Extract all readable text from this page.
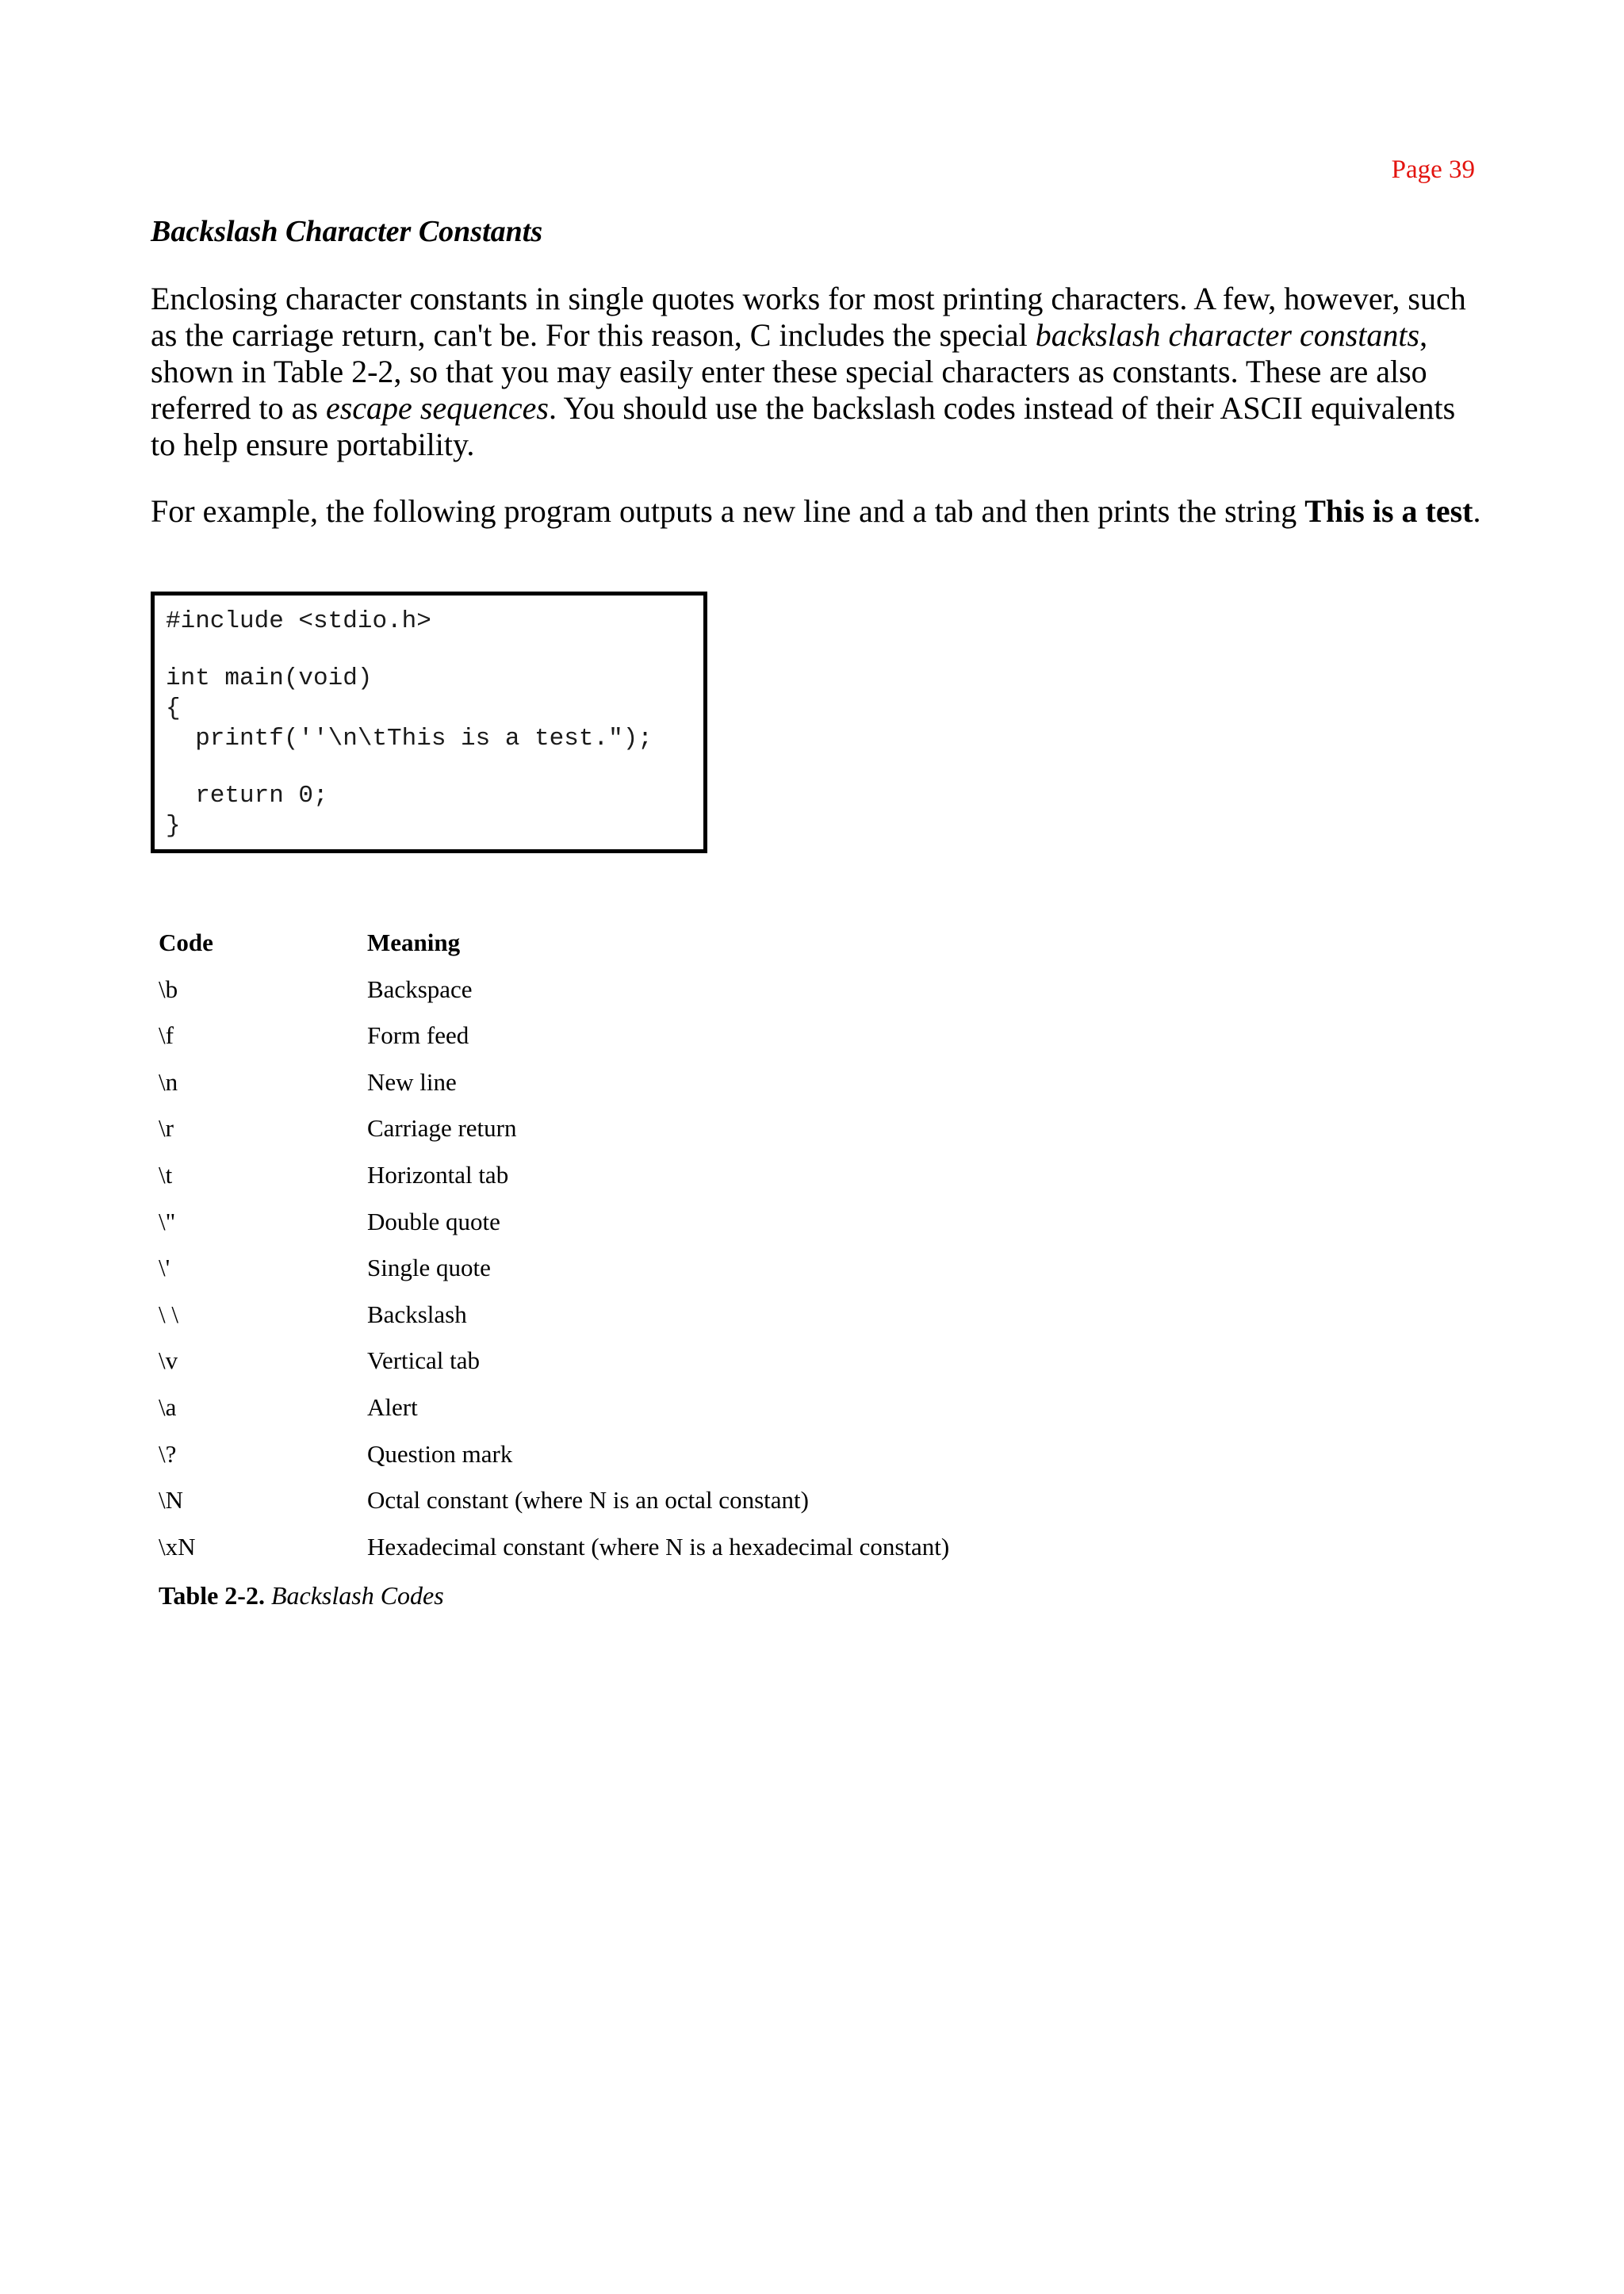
Page 39
Backslash Character Constants

Enclosing character constants in single quotes works for most printing characters. A few, however, such as the carriage return, can't be. For this reason, C includes the special backslash character constants, shown in Table 2-2, so that you may easily enter these special characters as constants. These are also referred to as escape sequences. You should use the backslash codes instead of their ASCII equivalents to help ensure portability.

For example, the following program outputs a new line and a tab and then prints the string This is a test.

#include <stdio.h>
int main(void)
{
printf(''\n\tThis is a test.");
return 0;
}
Code	Meaning
\b	Backspace
\f	Form feed
\n	New line
\r	Carriage return
\t	Horizontal tab
\"	Double quote
\'	Single quote
\ \	Backslash
\v	Vertical tab
\a	Alert
\?	Question mark
\N	Octal constant (where N is an octal constant)
\xN	Hexadecimal constant (where N is a hexadecimal constant)
Table 2-2. Backslash Codes
